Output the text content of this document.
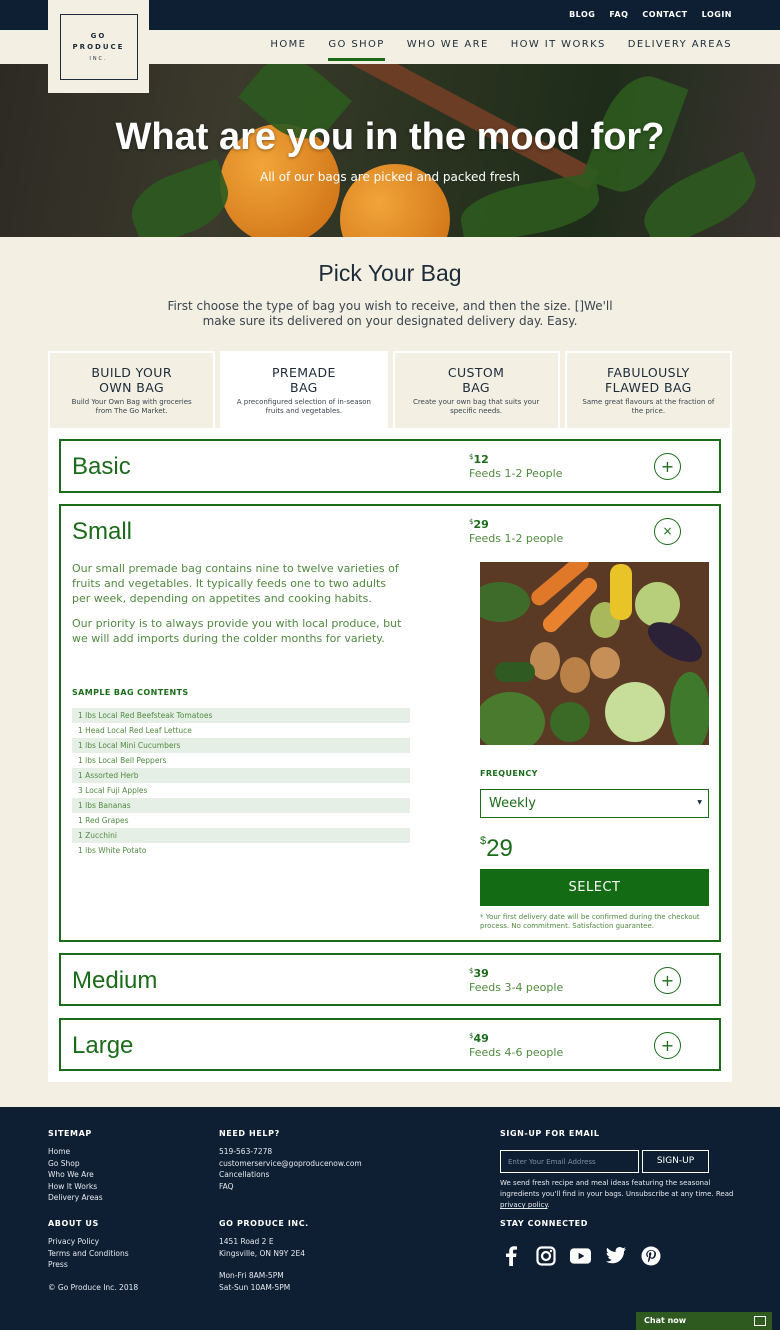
BLOG FAQ CONTACT LOGIN
HOME GO SHOP WHO WE ARE HOW IT WORKS DELIVERY AREAS
GO
PRODUCE
INC.
What are you in the mood for?

All of our bags are picked and packed fresh

Pick Your Bag
First choose the type of bag you wish to receive, and then the size. []We'll make sure its delivered on your designated delivery day. Easy.
BUILD YOUR
OWN BAG
Build Your Own Bag with groceries from The Go Market.
PREMADE
BAG
A preconfigured selection of in-season fruits and vegetables.
CUSTOM
BAG
Create your own bag that suits your specific needs.
FABULOUSLY
FLAWED BAG
Same great flavours at the fraction of the price.
Basic	$12
Feeds 1-2 People	+
Small	$29
Feeds 1-2 people
×

Our small premade bag contains nine to twelve varieties of fruits and vegetables. It typically feeds one to two adults per week, depending on appetites and cooking habits.

Our priority is to always provide you with local produce, but we will add imports during the colder months for variety.

SAMPLE BAG CONTENTS
1 lbs Local Red Beefsteak Tomatoes
1 Head Local Red Leaf Lettuce
1 lbs Local Mini Cucumbers
1 lbs Local Bell Peppers
1 Assorted Herb
3 Local Fuji Apples
1 lbs Bananas
1 Red Grapes
1 Zucchini
1 lbs White Potato
FREQUENCY
Weekly	▼
$29
SELECT
* Your first delivery date will be confirmed during the checkout process. No commitment. Satisfaction guarantee.
Medium	$39
Feeds 3-4 people	+
Large	$49
Feeds 4-6 people	+
SITEMAP
Home
Go Shop
Who We Are
How It Works
Delivery Areas
NEED HELP?
519-563-7278
customerservice@goproducenow.com
Cancellations
FAQ
ABOUT US
Privacy Policy
Terms and Conditions
Press
© Go Produce Inc. 2018
GO PRODUCE INC.
1451 Road 2 E
Kingsville, ON N9Y 2E4
Mon-Fri 8AM-5PM
Sat-Sun 10AM-5PM
SIGN-UP FOR EMAIL
Enter Your Email Address	SIGN-UP
We send fresh recipe and meal ideas featuring the seasonal ingredients you'll find in your bags. Unsubscribe at any time. Read privacy policy.
STAY CONNECTED
Chat now
